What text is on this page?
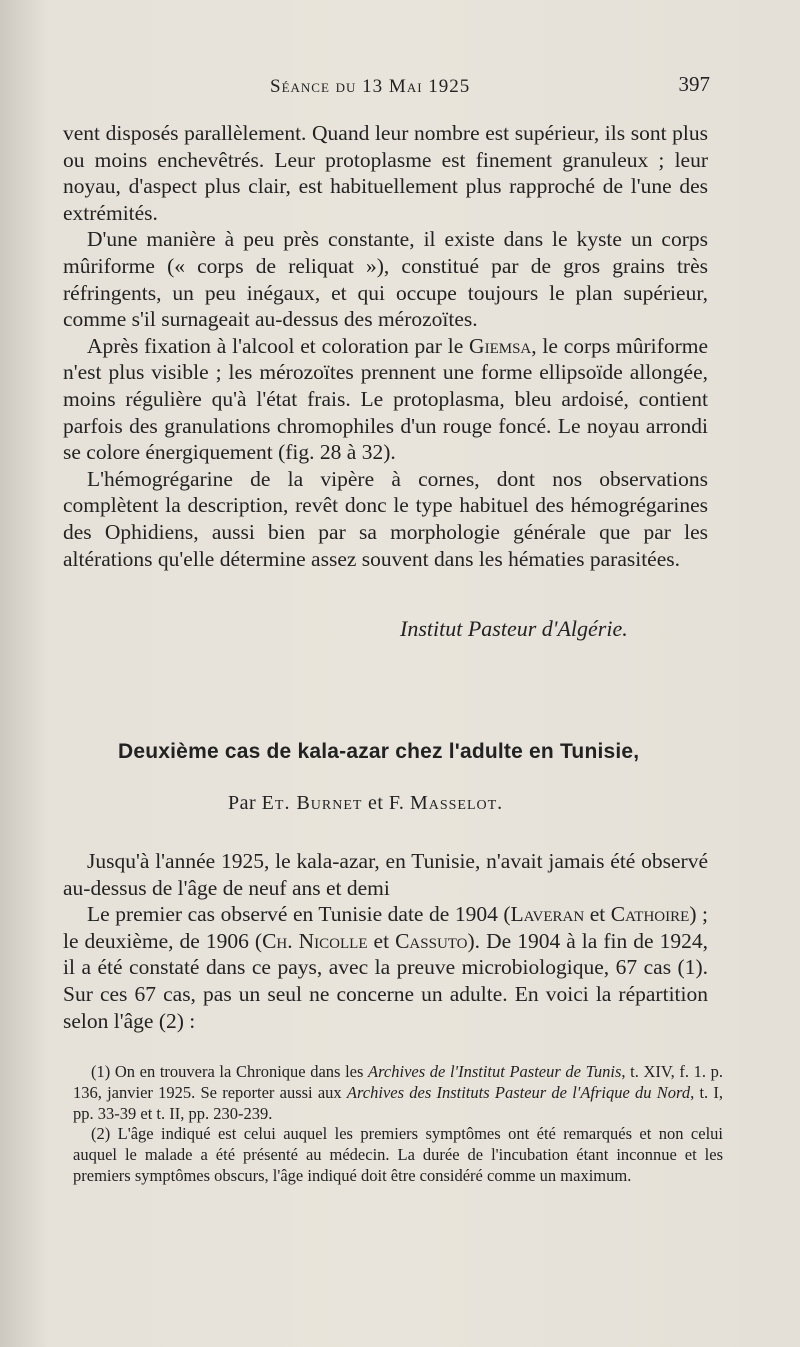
Séance du 13 Mai 1925	397

vent disposés parallèlement. Quand leur nombre est supérieur, ils sont plus ou moins enchevêtrés. Leur protoplasme est finement granuleux ; leur noyau, d'aspect plus clair, est habituellement plus rapproché de l'une des extrémités.

D'une manière à peu près constante, il existe dans le kyste un corps mûriforme (« corps de reliquat »), constitué par de gros grains très réfringents, un peu inégaux, et qui occupe toujours le plan supérieur, comme s'il surnageait au-dessus des mérozoïtes.

Après fixation à l'alcool et coloration par le Giemsa, le corps mûriforme n'est plus visible ; les mérozoïtes prennent une forme ellipsoïde allongée, moins régulière qu'à l'état frais. Le protoplasma, bleu ardoisé, contient parfois des granulations chromophiles d'un rouge foncé. Le noyau arrondi se colore énergiquement (fig. 28 à 32).

L'hémogrégarine de la vipère à cornes, dont nos observations complètent la description, revêt donc le type habituel des hémogrégarines des Ophidiens, aussi bien par sa morphologie générale que par les altérations qu'elle détermine assez souvent dans les hématies parasitées.

Institut Pasteur d'Algérie.
Deuxième cas de kala-azar chez l'adulte en Tunisie,
Par Et. Burnet et F. Masselot.

Jusqu'à l'année 1925, le kala-azar, en Tunisie, n'avait jamais été observé au-dessus de l'âge de neuf ans et demi

Le premier cas observé en Tunisie date de 1904 (Laveran et Cathoire) ; le deuxième, de 1906 (Ch. Nicolle et Cassuto). De 1904 à la fin de 1924, il a été constaté dans ce pays, avec la preuve microbiologique, 67 cas (1). Sur ces 67 cas, pas un seul ne concerne un adulte. En voici la répartition selon l'âge (2) :

(1) On en trouvera la Chronique dans les Archives de l'Institut Pasteur de Tunis, t. XIV, f. 1. p. 136, janvier 1925. Se reporter aussi aux Archives des Instituts Pasteur de l'Afrique du Nord, t. I, pp. 33-39 et t. II, pp. 230-239.

(2) L'âge indiqué est celui auquel les premiers symptômes ont été remarqués et non celui auquel le malade a été présenté au médecin. La durée de l'incubation étant inconnue et les premiers symptômes obscurs, l'âge indiqué doit être considéré comme un maximum.
